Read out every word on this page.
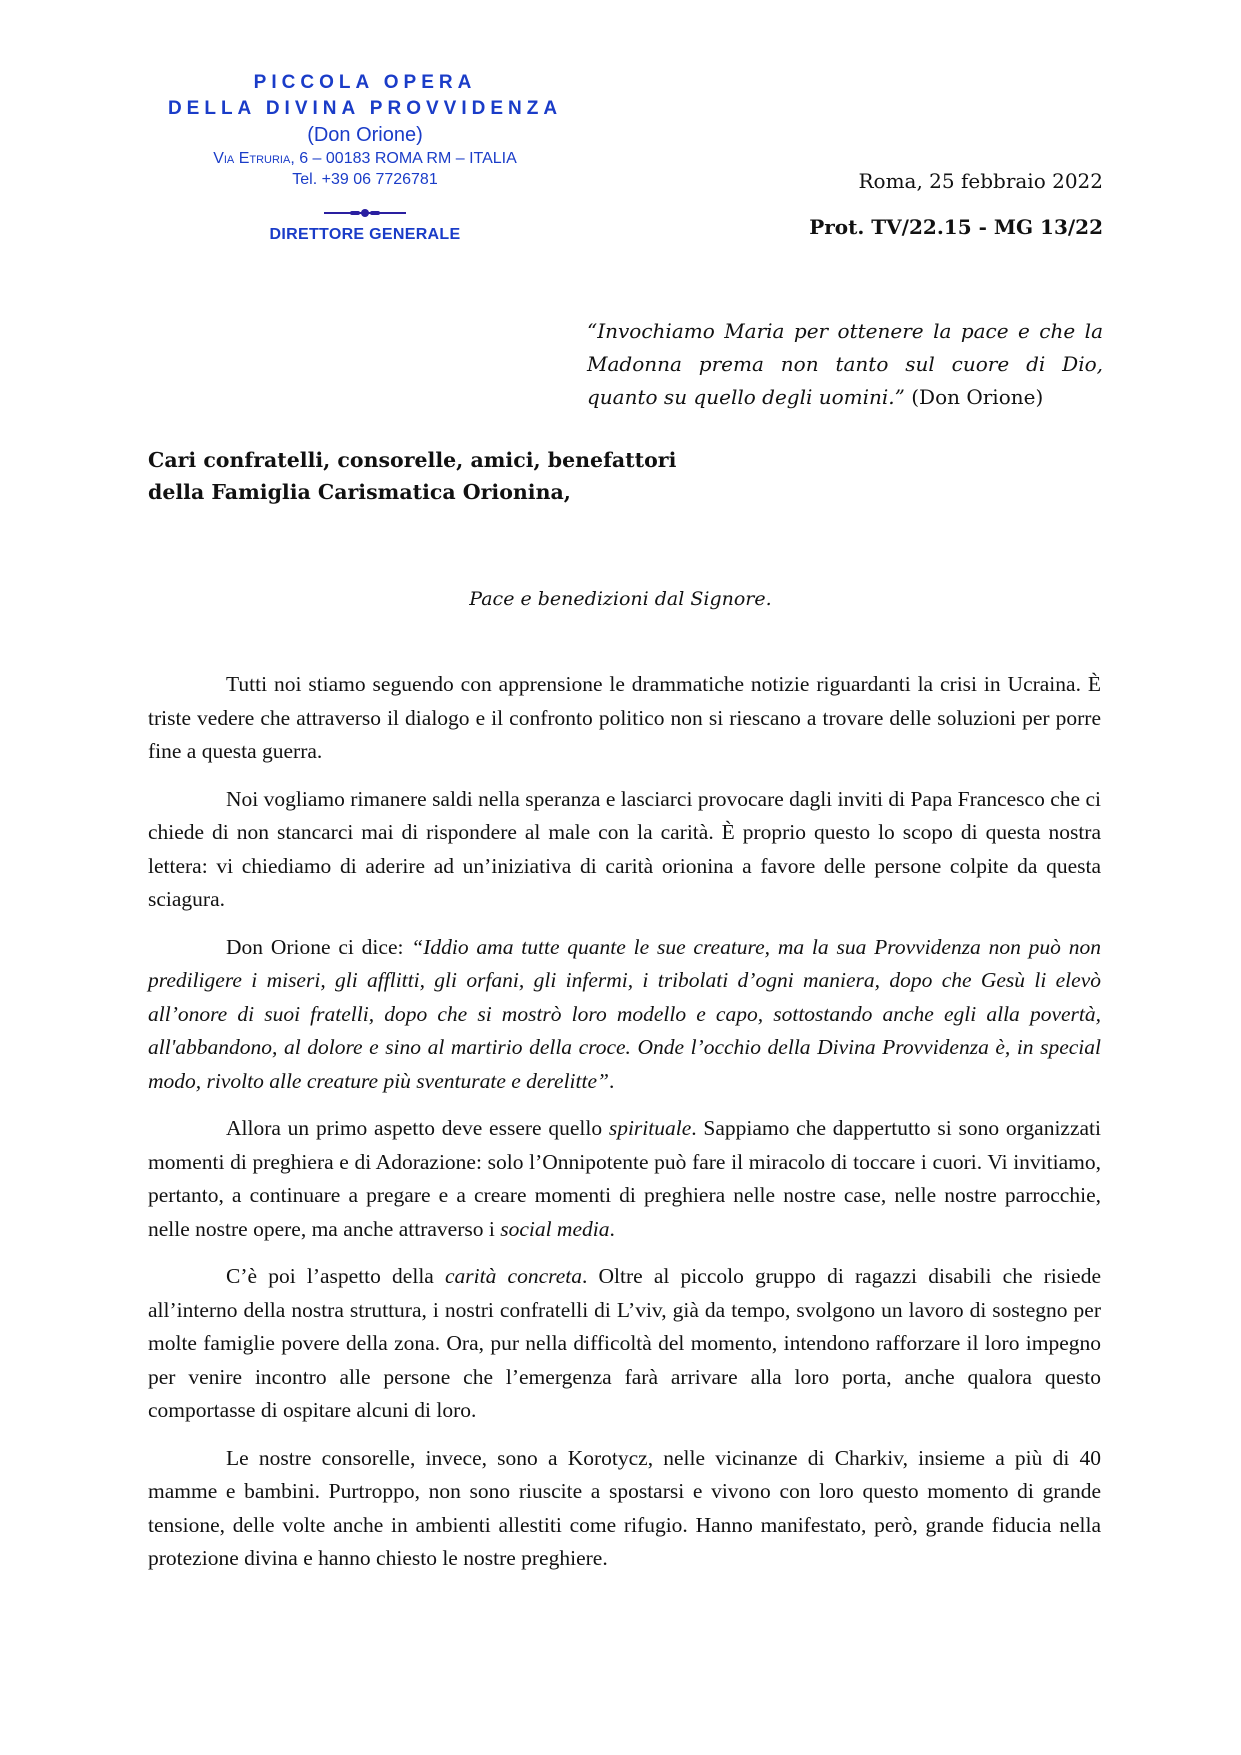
PICCOLA OPERA
DELLA DIVINA PROVVIDENZA
(Don Orione)
Via Etruria, 6 – 00183 ROMA RM – ITALIA
Tel. +39 06 7726781
DIRETTORE GENERALE
Roma, 25 febbraio 2022
Prot. TV/22.15 - MG 13/22
“Invochiamo Maria per ottenere la pace e che la Madonna prema non tanto sul cuore di Dio, quanto su quello degli uomini.” (Don Orione)
Cari confratelli, consorelle, amici, benefattori
della Famiglia Carismatica Orionina,
Pace e benedizioni dal Signore.

Tutti noi stiamo seguendo con apprensione le drammatiche notizie riguardanti la crisi in Ucraina. È triste vedere che attraverso il dialogo e il confronto politico non si riescano a trovare delle soluzioni per porre fine a questa guerra.

Noi vogliamo rimanere saldi nella speranza e lasciarci provocare dagli inviti di Papa Francesco che ci chiede di non stancarci mai di rispondere al male con la carità. È proprio questo lo scopo di questa nostra lettera: vi chiediamo di aderire ad un’iniziativa di carità orionina a favore delle persone colpite da questa sciagura.

Don Orione ci dice: “Iddio ama tutte quante le sue creature, ma la sua Provvidenza non può non prediligere i miseri, gli afflitti, gli orfani, gli infermi, i tribolati d’ogni maniera, dopo che Gesù li elevò all’onore di suoi fratelli, dopo che si mostrò loro modello e capo, sottostando anche egli alla povertà, all'abbandono, al dolore e sino al martirio della croce. Onde l’occhio della Divina Provvidenza è, in special modo, rivolto alle creature più sventurate e derelitte”.

Allora un primo aspetto deve essere quello spirituale. Sappiamo che dappertutto si sono organizzati momenti di preghiera e di Adorazione: solo l’Onnipotente può fare il miracolo di toccare i cuori. Vi invitiamo, pertanto, a continuare a pregare e a creare momenti di preghiera nelle nostre case, nelle nostre parrocchie, nelle nostre opere, ma anche attraverso i social media.

C’è poi l’aspetto della carità concreta. Oltre al piccolo gruppo di ragazzi disabili che risiede all’interno della nostra struttura, i nostri confratelli di L’viv, già da tempo, svolgono un lavoro di sostegno per molte famiglie povere della zona. Ora, pur nella difficoltà del momento, intendono rafforzare il loro impegno per venire incontro alle persone che l’emergenza farà arrivare alla loro porta, anche qualora questo comportasse di ospitare alcuni di loro.

Le nostre consorelle, invece, sono a Korotycz, nelle vicinanze di Charkiv, insieme a più di 40 mamme e bambini. Purtroppo, non sono riuscite a spostarsi e vivono con loro questo momento di grande tensione, delle volte anche in ambienti allestiti come rifugio. Hanno manifestato, però, grande fiducia nella protezione divina e hanno chiesto le nostre preghiere.
